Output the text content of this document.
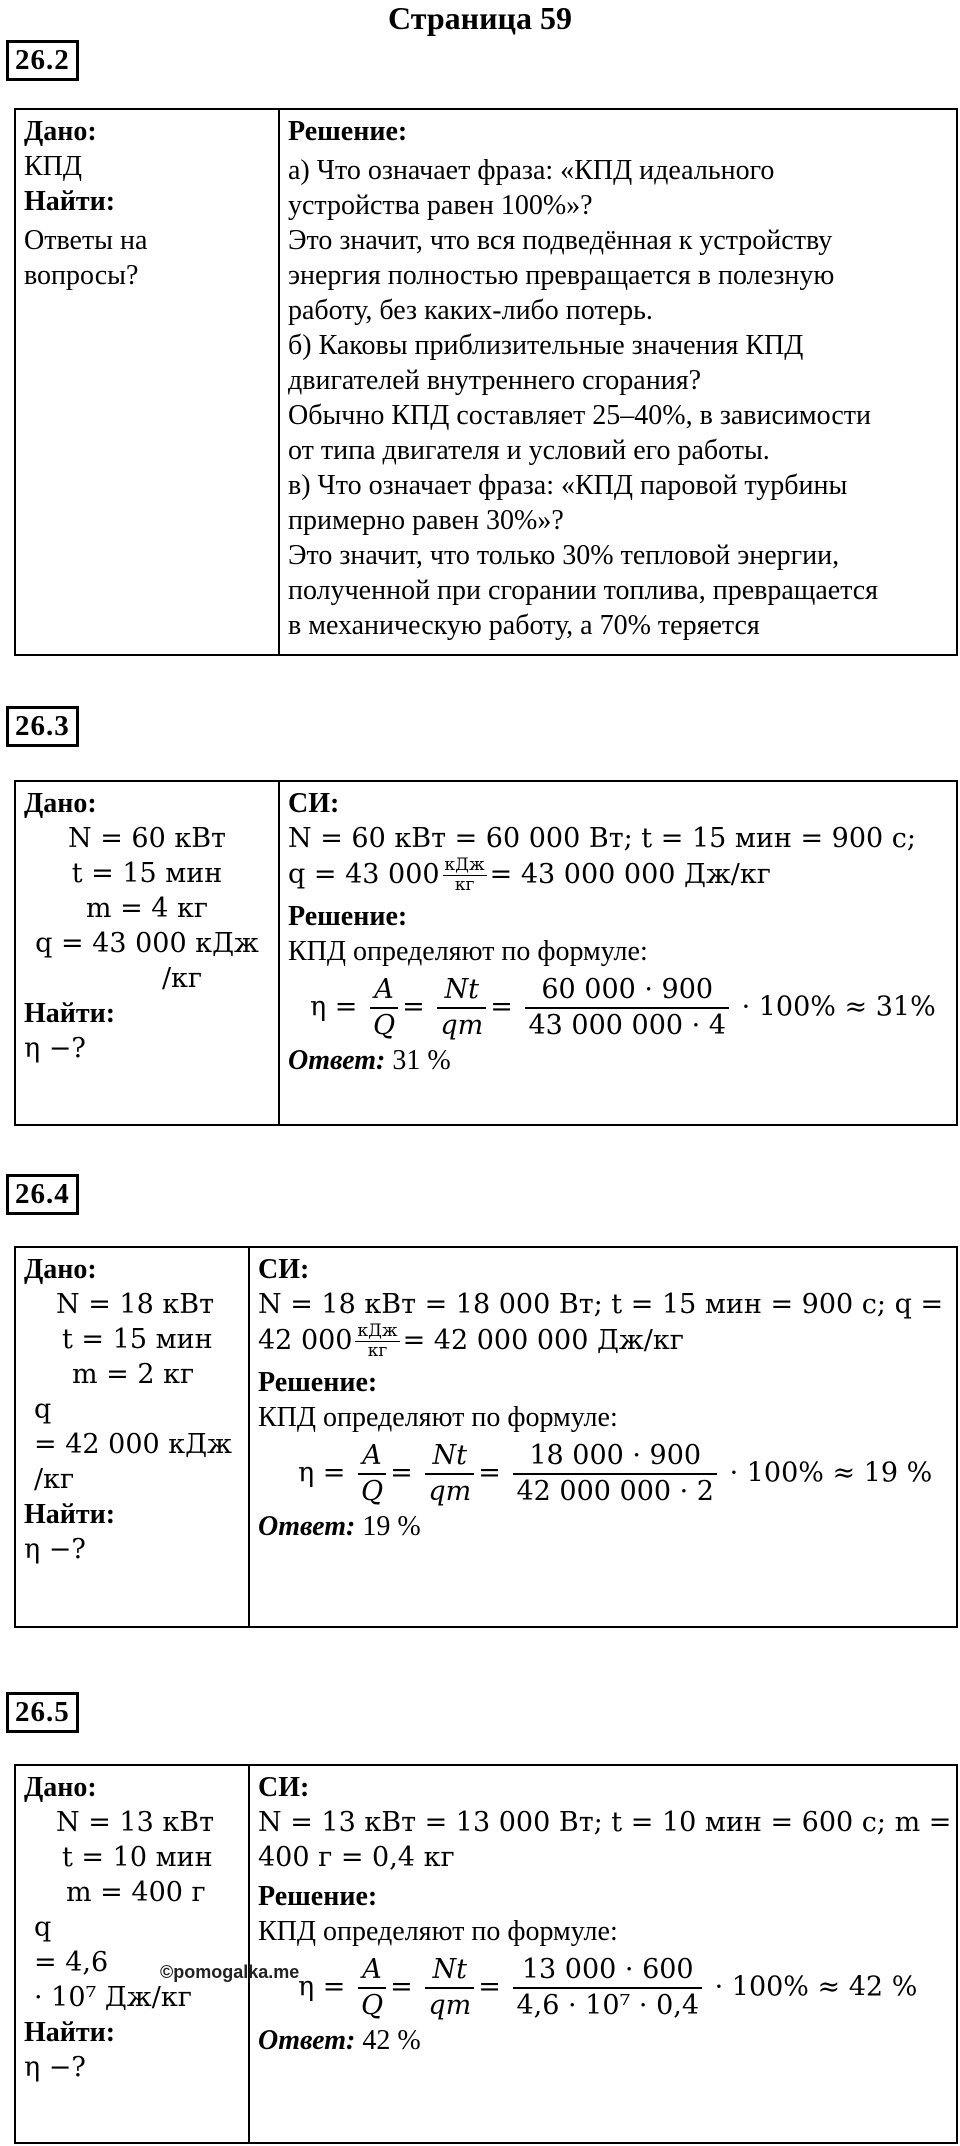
Страница 59
26.2
Дано:
КПД
Найти:
Ответы на
вопросы?

Решение:
а) Что означает фраза: «КПД идеального
устройства равен 100%»?
Это значит, что вся подведённая к устройству
энергия полностью превращается в полезную
работу, без каких-либо потерь.
б) Каковы приблизительные значения КПД
двигателей внутреннего сгорания?
Обычно КПД составляет 25–40%, в зависимости
от типа двигателя и условий его работы.
в) Что означает фраза: «КПД паровой турбины
примерно равен 30%»?
Это значит, что только 30% тепловой энергии,
полученной при сгорании топлива, превращается
в механическую работу, а 70% теряется
26.3
Дано:
N = 60 кВт
t = 15 мин
m = 4 кг
q = 43 000 кДж
/кг
Найти:
η −?

СИ:
N = 60 кВт = 60 000 Вт; t = 15 мин = 900 с;
q = 43 000 кДж
кг = 43 000 000 Дж/кг
Решение:
КПД определяют по формуле:
$\eta = \frac{A}{Q} = \frac{Nt}{qm} = \frac{60 000 \cdot 900}{43 000 000 \cdot 4} \cdot 100\% \approx 31\%$
Ответ: 31 %
26.4
Дано:
N = 18 кВт
t = 15 мин
m = 2 кг
q
= 42 000 кДж
/кг
Найти:
η −?

СИ:
N = 18 кВт = 18 000 Вт; t = 15 мин = 900 с; q =
42 000 кДж
кг = 42 000 000 Дж/кг
Решение:
КПД определяют по формуле:
$\eta = \frac{A}{Q} = \frac{Nt}{qm} = \frac{18 000 \cdot 900}{42 000 000 \cdot 2} \cdot 100\% \approx 19$ %
Ответ: 19 %
26.5
Дано:
N = 13 кВт
t = 10 мин
m = 400 г
q
= 4,6
· 10⁷ Дж/кг
Найти:
η −?

СИ:
N = 13 кВт = 13 000 Вт; t = 10 мин = 600 с; m =
400 г = 0,4 кг
Решение:
КПД определяют по формуле:
$\eta = \frac{A}{Q} = \frac{Nt}{qm} = \frac{13 000 \cdot 600}{\text{4,6 · 10⁷ · 0,4}} \cdot 100\% \approx 42$ %
Ответ: 42 %
©pomogalka.me
